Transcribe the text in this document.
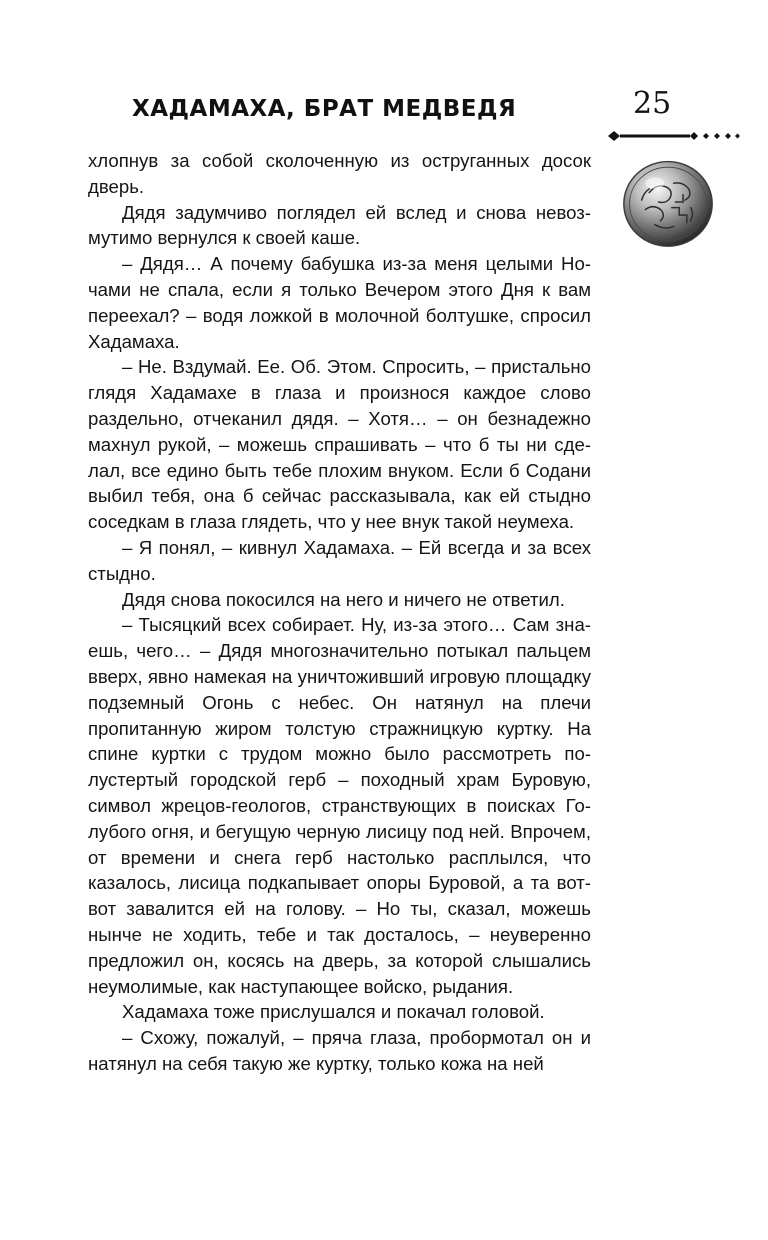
ХАДАМАХА, БРАТ МЕДВЕДЯ	25

хлопнув за собой сколоченную из оструганных досок дверь.

Дядя задумчиво поглядел ей вслед и снова невозмутимо вернулся к своей каше.

– Дядя… А почему бабушка из-за меня целыми Ночами не спала, если я только Вечером этого Дня к вам переехал? – водя ложкой в молочной болтушке, спросил Хадамаха.

– Не. Вздумай. Ее. Об. Этом. Спросить, – пристально глядя Хадамахе в глаза и произнося каждое слово раздельно, отчеканил дядя. – Хотя… – он безнадежно махнул рукой, – можешь спрашивать – что б ты ни сделал, все едино быть тебе плохим внуком. Если б Содани выбил тебя, она б сейчас рассказывала, как ей стыдно соседкам в глаза глядеть, что у нее внук такой неумеха.

– Я понял, – кивнул Хадамаха. – Ей всегда и за всех стыдно.

Дядя снова покосился на него и ничего не ответил.

– Тысяцкий всех собирает. Ну, из-за этого… Сам знаешь, чего… – Дядя многозначительно потыкал пальцем вверх, явно намекая на уничтоживший игровую площадку подземный Огонь с небес. Он натянул на плечи пропитанную жиром толстую стражницкую куртку. На спине куртки с трудом можно было рассмотреть полустертый городской герб – походный храм Буровую, символ жрецов-геологов, странствующих в поисках Голубого огня, и бегущую черную лисицу под ней. Впрочем, от времени и снега герб настолько расплылся, что казалось, лисица подкапывает опоры Буровой, а та вотвот завалится ей на голову. – Но ты, сказал, можешь нынче не ходить, тебе и так досталось, – неуверенно предложил он, косясь на дверь, за которой слышались неумолимые, как наступающее войско, рыдания.

Хадамаха тоже прислушался и покачал головой.

– Схожу, пожалуй, – пряча глаза, пробормотал он и натянул на себя такую же куртку, только кожа на ней
